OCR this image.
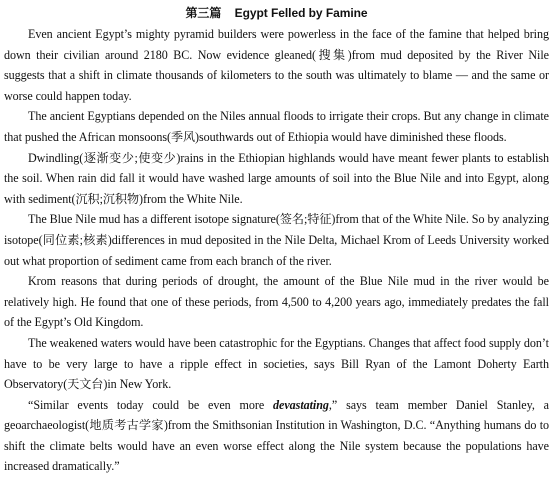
第三篇 Egypt Felled by Famine

Even ancient Egypt’s mighty pyramid builders were powerless in the face of the famine that helped bring down their civilian around 2180 BC. Now evidence gleaned(搜集)from mud deposited by the River Nile suggests that a shift in climate thousands of kilometers to the south was ultimately to blame — and the same or worse could happen today.

The ancient Egyptians depended on the Niles annual floods to irrigate their crops. But any change in climate that pushed the African monsoons(季风)southwards out of Ethiopia would have diminished these floods.

Dwindling(逐渐变少;使变少)rains in the Ethiopian highlands would have meant fewer plants to establish the soil. When rain did fall it would have washed large amounts of soil into the Blue Nile and into Egypt, along with sediment(沉积;沉积物)from the White Nile.

The Blue Nile mud has a different isotope signature(签名;特征)from that of the White Nile. So by analyzing isotope(同位素;核素)differences in mud deposited in the Nile Delta, Michael Krom of Leeds University worked out what proportion of sediment came from each branch of the river.

Krom reasons that during periods of drought, the amount of the Blue Nile mud in the river would be relatively high. He found that one of these periods, from 4,500 to 4,200 years ago, immediately predates the fall of the Egypt’s Old Kingdom.

The weakened waters would have been catastrophic for the Egyptians. Changes that affect food supply don’t have to be very large to have a ripple effect in societies, says Bill Ryan of the Lamont Doherty Earth Observatory(天文台)in New York.

“Similar events today could be even more devastating,” says team member Daniel Stanley, a geoarchaeologist(地质考古学家)from the Smithsonian Institution in Washington, D.C. “Anything humans do to shift the climate belts would have an even worse effect along the Nile system because the populations have increased dramatically.”
